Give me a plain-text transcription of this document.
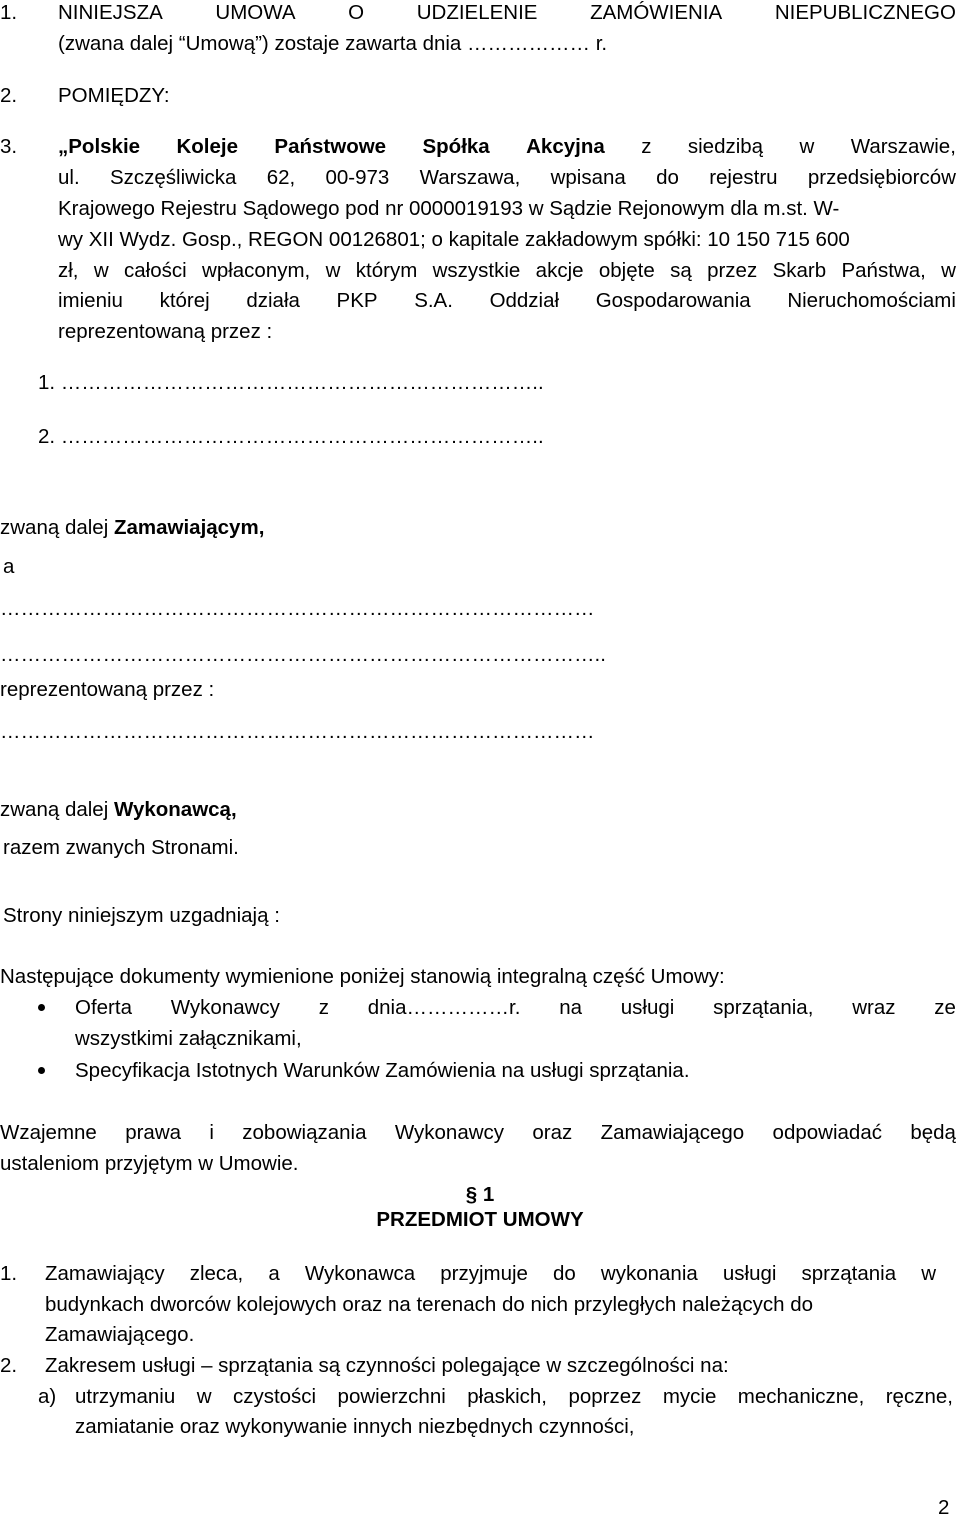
1. NINIEJSZA	UMOWA	O	UDZIELENIE	ZAMÓWIENIA	NIEPUBLICZNEGO
(zwana dalej “Umową”) zostaje zawarta dnia ……………… r.
2. POMIĘDZY:
3. „Polskie Koleje Państwowe Spółka Akcyjna z siedzibą w Warszawie,
ul. Szczęśliwicka 62, 00-973 Warszawa, wpisana do rejestru przedsiębiorców
Krajowego Rejestru Sądowego pod nr 0000019193 w Sądzie Rejonowym dla m.st. W-
wy XII Wydz. Gosp., REGON 00126801; o kapitale zakładowym spółki: 10 150 715 600
zł, w całości wpłaconym, w którym wszystkie akcje objęte są przez Skarb Państwa, w
imieniu której działa PKP S.A. Oddział Gospodarowania Nieruchomościami
reprezentowaną przez :
1. ……………………………………………………………..
2. ……………………………………………………………..
zwaną dalej Zamawiającym,
a
……………………………………………………………………………
……………………………………………………………………………..
reprezentowaną przez :
……………………………………………………………………………
zwaną dalej Wykonawcą,
razem zwanych Stronami.
Strony niniejszym uzgadniają :
Następujące dokumenty wymienione poniżej stanowią integralną część Umowy:
Oferta Wykonawcy z dnia……………r. na usługi sprzątania, wraz ze
wszystkimi załącznikami,
Specyfikacja Istotnych Warunków Zamówienia na usługi sprzątania.
Wzajemne prawa i zobowiązania Wykonawcy oraz Zamawiającego odpowiadać będą
ustaleniom przyjętym w Umowie.
§ 1
PRZEDMIOT UMOWY
1. Zamawiający zleca, a Wykonawca przyjmuje do wykonania usługi sprzątania w
budynkach dworców kolejowych oraz na terenach do nich przyległych należących do
Zamawiającego.
2. Zakresem usługi – sprzątania są czynności polegające w szczególności na:
a) utrzymaniu w czystości powierzchni płaskich, poprzez mycie mechaniczne, ręczne,
zamiatanie oraz wykonywanie innych niezbędnych czynności,
2
